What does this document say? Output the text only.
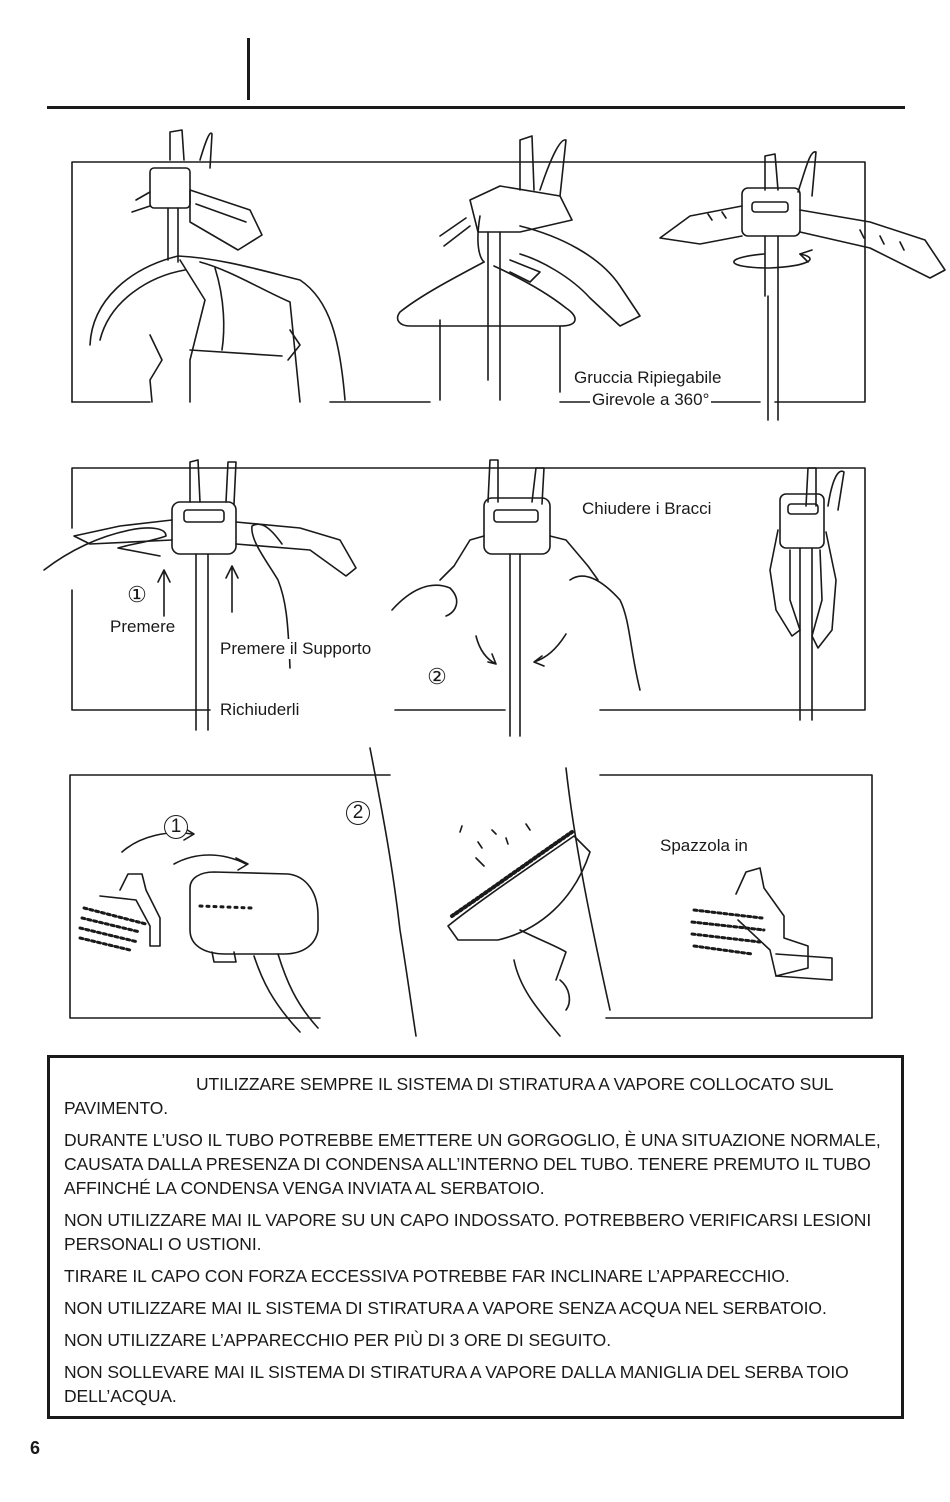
Gruccia Ripiegabile
Girevole a 360°
①
Premere
Premere il Supporto
Richiuderli
②
Chiudere i Bracci
1
2
Spazzola in

UTILIZZARE SEMPRE IL SISTEMA DI STIRATURA A VAPORE COLLOCATO SUL PAVIMENTO.

DURANTE L’USO IL TUBO POTREBBE EMETTERE UN GORGOGLIO, È UNA SITUAZIONE NORMALE, CAUSATA DALLA PRESENZA DI CONDENSA ALL’INTERNO DEL TUBO. TENERE PREMUTO IL TUBO AFFINCHÉ LA CONDENSA VENGA INVIATA AL SERBATOIO.

NON UTILIZZARE MAI IL VAPORE SU UN CAPO INDOSSATO. POTREBBERO VERIFICARSI LESIONI PERSONALI O USTIONI.

TIRARE IL CAPO CON FORZA ECCESSIVA POTREBBE FAR INCLINARE L’APPARECCHIO.

NON UTILIZZARE MAI IL SISTEMA DI STIRATURA A VAPORE SENZA ACQUA NEL SERBATOIO.

NON UTILIZZARE L’APPARECCHIO PER PIÙ DI 3 ORE DI SEGUITO.

NON SOLLEVARE MAI IL SISTEMA DI STIRATURA A VAPORE DALLA MANIGLIA DEL SERBA TOIO DELL’ACQUA.

6
